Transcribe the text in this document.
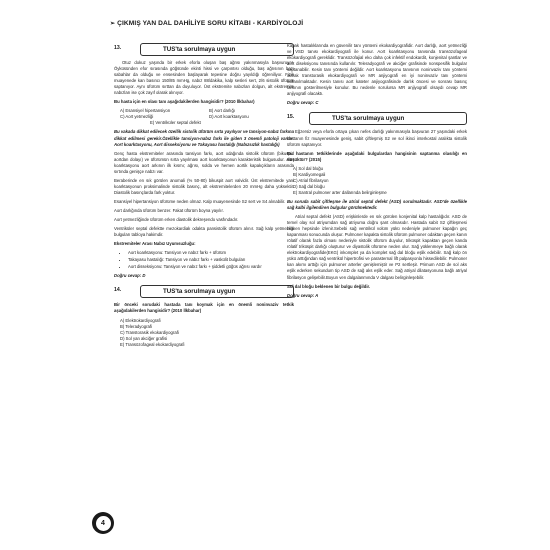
➢ ÇIKMIŞ YAN DAL DAHİLİYE SORU KİTABI - KARDİYOLOJİ
13.	TUS'ta sorulmaya uygun

Otuz dokuz yaşında bir erkek eforla oluşan baş ağrısı yakınmasıyla başvuruyor. Öyküsünden efor sırasında göğsünde ekinti hissi ve çarpıntısı olduğu, baş ağrısının bazı sabahlar da olduğu ve ensesinden başlayarak tepesine doğru yayıldığı öğreniliyor. Fizik muayenede kan basıncı 150/85 mmHg, nabız 88/dakika, kalp sesleri sert, 2/6 sistolik üfürüm saptanıyor. Aynı üfürüm sırttan da duyuluyor. Üst ekstremite nabızları dolgun, alt ekstremite nabızları ise çok zayıf olarak alınıyor.

Bu hasta için en olası tanı aşağıdakilerden hangisidir? (2010 İlkbahar)

A) Esansiyel hipertansiyon	B) Aort darlığı
C) Aort yetmezliği	D) Aort koarktasyonu
E) Ventriküler septal defekt

Bu vakada dikkat edilecek özellik sistolik üfürüm sırta yayılıyor ve tansiyon-nabız farkına dikkat edilmesi gerekir.Özellikle tansiyon-nabız farkı ile giden 3 önemli patoloji vardır: Aort koarktasyonu, Aort disseksiyonu ve Takayasu hastalığı (Nabızsızlık hastalığı)

Genç hasta ekstremiteler arasında tansiyon farkı, aort odağında sistolik üfürüm (bikuspid aortdan dolayı) ve üfürümün sırta yayılması aort koarktasyonun karakteristik bulgusudur. Aort koarktasyonu aort arkının ilk kısmı; ağrısı, solda ve hemen aortik kapakçıkların arasında sırtında genişçe nabzı var.

Beraberinde en sık görülen anomali (% 50-80) bikuspit aort valvidir. Üst ekstremitede yani koarktasyonun proksimalinde sistolik basınç, alt ekstremitelerden 20 mmHg daha yüksektir. Diastolik basınçlarda fark yoktur.

Esansiyel hipertansiyon üfürüme neden olmaz. Kalp muayenesinde S2 sert ve S4 alınabilir.

Aort darlığında üfürüm benzer. Fakat üfürüm boyna yayılır.

Aort yetmezliğinde üfürüm erken diastolik dekreşendo vasfındadır.

Ventriküler septal defektte mezokardiak odakta pansistolik üfürüm alınır. Sağ kalp yetmezliği bulguları tabloya hakimdir.

Ekstremiteler Arası Nabız Uyumsuzluğu:

• Aort koarktasyonu: Tansiyon ve nabız farkı + üfürüm
• Takayasu hastalığı: Tansiyon ve nabız farkı + vaskülit bulguları
• Aort disseksiyonu: Tansiyon ve nabız farkı + şiddetli göğüs ağrısı vardır

Doğru cevap: D

14.	TUS'ta sorulmaya uygun

Bir önceki sorudaki hastada tanı koymak için en önemli noninvaziv tetkik aşağıdakilerden hangisidir? (2010 İlkbahar)

A) Elektrokardiyografi
B) Teleradyografi
C) Transtorasik ekokardiyografi
D) Sol yan akciğer grafisi
E) Transözofageal ekokardiyografi

Kapak hastalıklarında en güvenilir tanı yöntemi ekokardiyografidir. Aort darlığı, aort yetmezliği ve VSD tanısı ekokardiyografi ile konur. Aort koarktasyonu tanısında transözofageal ekokardiyografi gereklidir. Transözofajial eko daha çok infektif endokardit, konjenital şantlar ve aort diseksiyonu tanısında kullanılır. Teleradyografi ve akciğer grafisinde nonspesifik bulgular saptanabilir. Kesin tanı yöntemi değildir. Aort koarktasyonu tanısının noninvaziv tanı yöntemi olarak transtorasik ekokardiyografi ve MR anjiyografi en iyi noninvaziv tanı yöntemi kullanılmaktadır. Kesin tanısı aort kateter anjiyografisinde darlık öncesi ve sonrası basınç farkının gösterilmesiyle konulur. Bu nedenle sorulursa MR anjiyografi olsaydı cevap MR anjiyografi olacaktı.

Doğru cevap: C

15.	TUS'ta sorulmaya uygun

Eğzersiz veya eforla ortaya çıkan nefes darlığı yakınmasıyla başvuran 27 yaşındaki erkek hastanın fiz muayenesinde geniş, sabit çiftleşmiş S2 ve sol ikinci interkostal aralıkta sistolik üfürüm saptanıyor.

Bu hastanın tetkiklerinde aşağıdaki bulgulardan hangisinin saptanma olasılığı en düşüktür? (2015)

A) Sol dal bloğu
B) Kardiyomegali
C) Atrial fibrilasyon
D) Sağ dal bloğu
E) Santral pulmoner arter dallarında belirginleşme

Bu soruda sabit çiftleşme ile atrial septal defekt (ASD) sorulmaktadır. ASD'de özellikle sağ kalbi ilgilendiren bulgular görülmektedir.

Atrial septal defekt (ASD) erişkinlerde en sık görülen konjenital kalp hastalığıdır. ASD de temel olay sol atriyumdan sağ atriyuma doğru şant olmasıdır. Hastada sabit S2 çiftleşmesi hemen hepsinde izlenir.Sebebi sağ ventrikül volüm yükü nedeniyle pulmoner kapağın geç kapanması sonucunda oluşur. Pulmoner kapakta sistolik üfürüm pulmoner odaktan geçen kanın rölatif olarak fazla olması nedeniyle sistolik üfürüm duyulur, triküspit kapaktan geçen kanda rölatif triküspit darlığı oluşturur ve diyastolik üfürüme neden olur. Sağ yüklenmeye bağlı olarak elektrokardiyografide(EKG) inkomplet ya da komplet sağ dal bloğu eşlik edebilir. Sağ kalp ön yükü arttığından sağ ventrikül hipertrofisi ve parasternal lift palpasyonla hissedilebilir. Pulmoner kan akımı arttığı için pulmoner arterler genişlemiştir ve P2 sertleşir. Primum ASD de sol aks eşlik ederken sekundum tip ASD de sağ aks eşlik eder. Sağ atriyal dilatasyonuna bağlı atriyal fibrilasyon gelişebilir.Boyun ven dalgalanmında V dalgası belirginleşebilir.

Sol dal bloğu beklenen bir bulgu değildir.

Doğru cevap: A

4
